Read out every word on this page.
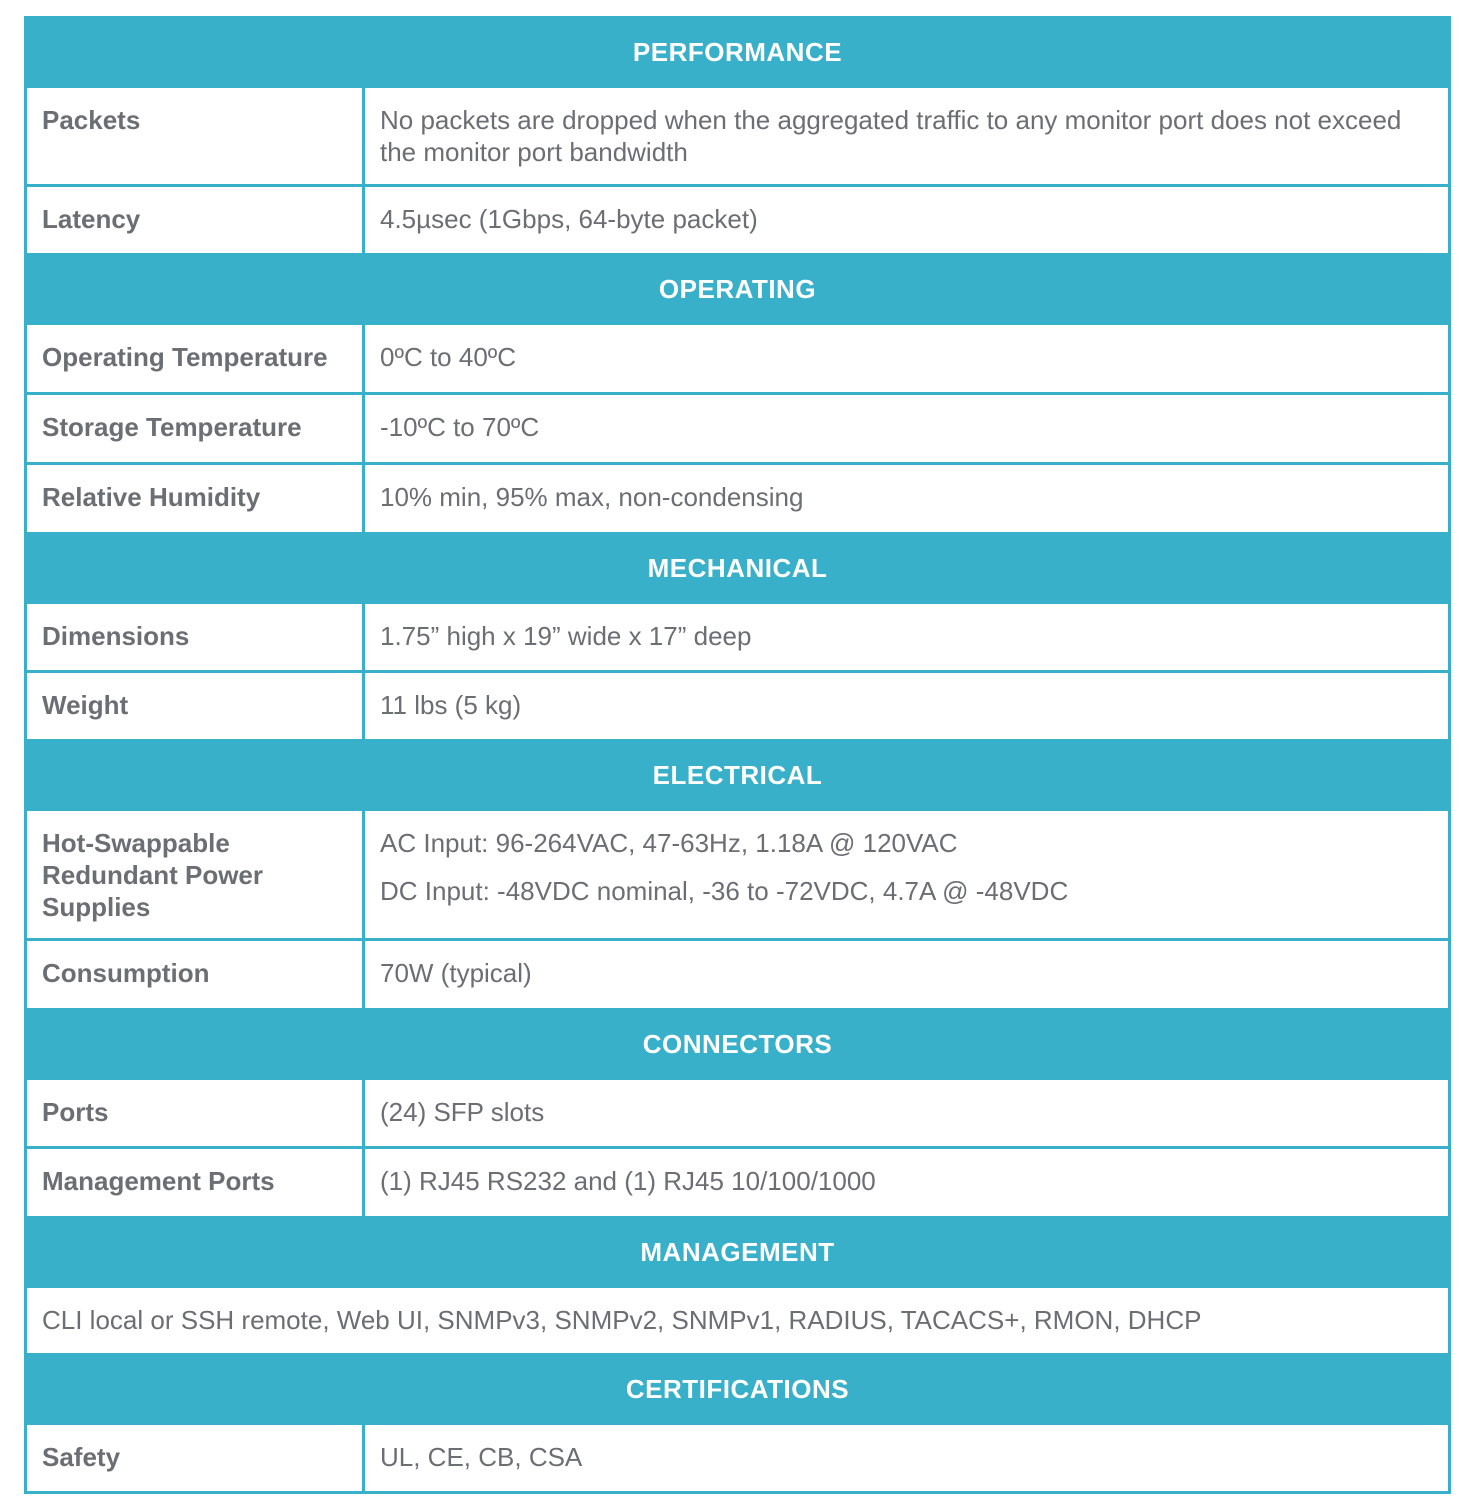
PERFORMANCE	
Packets	No packets are dropped when the aggregated traffic to any monitor port does not exceed the monitor port bandwidth
Latency	4.5µsec (1Gbps, 64-byte packet)
OPERATING	
Operating Temperature	0ºC to 40ºC
Storage Temperature	-10ºC to 70ºC
Relative Humidity	10% min, 95% max, non-condensing
MECHANICAL	
Dimensions	1.75” high x 19” wide x 17” deep
Weight	11 lbs (5 kg)
ELECTRICAL	
Hot-Swappable Redundant Power Supplies	AC Input: 96-264VAC, 47-63Hz, 1.18A @ 120VAC
DC Input: -48VDC nominal, -36 to -72VDC, 4.7A @ -48VDC

Consumption	70W (typical)
CONNECTORS	
Ports	(24) SFP slots
Management Ports	(1) RJ45 RS232 and (1) RJ45 10/100/1000
MANAGEMENT	
CLI local or SSH remote, Web UI, SNMPv3, SNMPv2, SNMPv1, RADIUS, TACACS+, RMON, DHCP	
CERTIFICATIONS	
Safety	UL, CE, CB, CSA
